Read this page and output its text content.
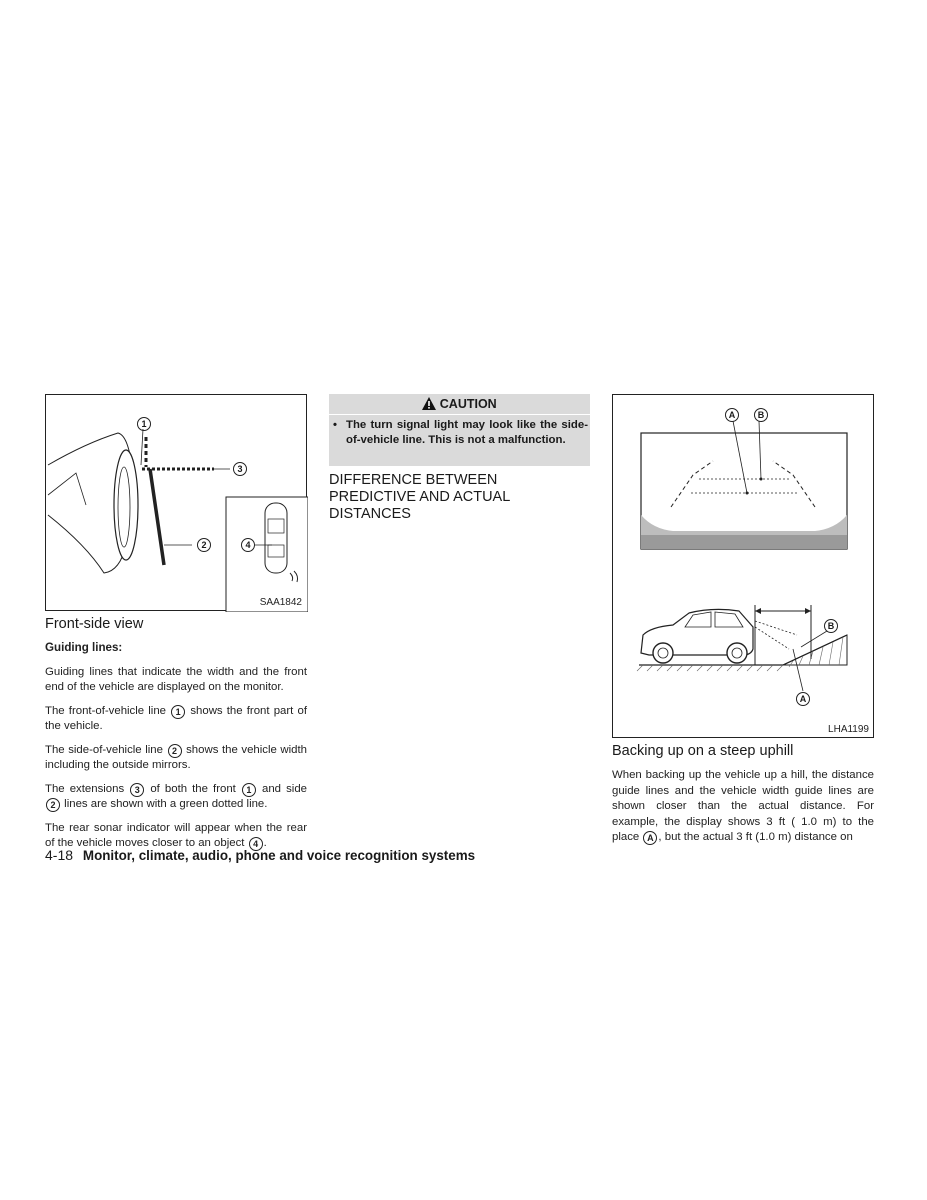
1
3
2	4
SAA1842
Front-side view
Guiding lines:

Guiding lines that indicate the width and the front end of the vehicle are displayed on the monitor.

The front-of-vehicle line 1 shows the front part of the vehicle.

The side-of-vehicle line 2 shows the vehicle width including the outside mirrors.

The extensions 3 of both the front 1 and side 2 lines are shown with a green dotted line.

The rear sonar indicator will appear when the rear of the vehicle moves closer to an object 4 .

CAUTION
• The turn signal light may look like the side-of-vehicle line. This is not a malfunction.
DIFFERENCE BETWEEN PREDICTIVE AND ACTUAL DISTANCES
A	B
B
A
LHA1199
Backing up on a steep uphill

When backing up the vehicle up a hill, the distance guide lines and the vehicle width guide lines are shown closer than the actual distance. For example, the display shows 3 ft ( 1.0 m) to the place A , but the actual 3 ft (1.0 m) distance on

4-18 Monitor, climate, audio, phone and voice recognition systems
